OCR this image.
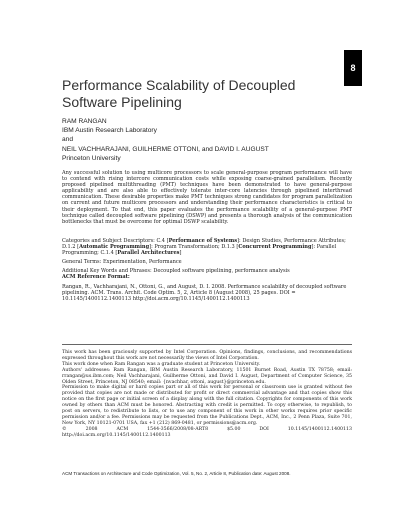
8
Performance Scalability of Decoupled
Software Pipelining
RAM RANGAN
IBM Austin Research Laboratory
and
NEIL VACHHARAJANI, GUILHERME OTTONI, and DAVID I. AUGUST
Princeton University
Any successful solution to using multicore processors to scale general-purpose program performance will have to contend with rising intercore communication costs while exposing coarse-grained parallelism. Recently proposed pipelined multithreading (PMT) techniques have been demonstrated to have general-purpose applicability and are also able to effectively tolerate inter-core latencies through pipelined interthread communication. These desirable properties make PMT techniques strong candidates for program parallelization on current and future multicore processors and understanding their performance characteristics is critical to their deployment. To that end, this paper evaluates the performance scalability of a general-purpose PMT technique called decoupled software pipelining (DSWP) and presents a thorough analysis of the communication bottlenecks that must be overcome for optimal DSWP scalability.
Categories and Subject Descriptors: C.4 [Performance of Systems]: Design Studies, Performance Attributes; D.1.2 [Automatic Programming]: Program Transformation; D.1.3 [Concurrent Programming]: Parallel Programming; C.1.4 [Parallel Architectures]
General Terms: Experimentation, Performance
Additional Key Words and Phrases: Decoupled software pipelining, performance analysis
ACM Reference Format:
Rangan, R., Vachharajani, N., Ottoni, G., and August, D. I. 2008. Performance scalability of decoupled software pipelining. ACM. Trans. Archit. Code Optim. 5, 2, Article 8 (August 2008), 25 pages. DOI = 10.1145/1400112.1400113 http://doi.acm.org/10.1145/1400112.1400113

This work has been graciously supported by Intel Corporation. Opinions, findings, conclusions, and recommendations expressed throughout this work are not necessarily the views of Intel Corporation.

This work done when Ram Rangan was a graduate student at Princeton University.

Authors' addresses: Ram Rangan, IBM Austin Research Laboratory, 11501 Burnet Road, Austin TX 78758; email: rrangan@us.ibm.com; Neil Vachharajani, Guilherme Ottoni, and David I. August, Department of Computer Science, 35 Olden Street, Princeton, NJ 08540; email: {nvachhar, ottoni, august}@princeton.edu.

Permission to make digital or hard copies part or all of this work for personal or classroom use is granted without fee provided that copies are not made or distributed for profit or direct commercial advantage and that copies show this notice on the first page or initial screen of a display along with the full citation. Copyrights for components of this work owned by others than ACM must be honored. Abstracting with credit is permitted. To copy otherwise, to republish, to post on servers, to redistribute to lists, or to use any component of this work in other works requires prior specific permission and/or a fee. Permissions may be requested from the Publications Dept., ACM, Inc., 2 Penn Plaza, Suite 701, New York, NY 10121-0701 USA, fax +1 (212) 869-0481, or permissions@acm.org.

© 2008 ACM 1544-3566/2008/08-ART8 $5.00 DOI 10.1145/1400112.1400113 http://doi.acm.org/10.1145/1400112.1400113

ACM Transactions on Architecture and Code Optimization, Vol. 5, No. 2, Article 8, Publication date: August 2008.
